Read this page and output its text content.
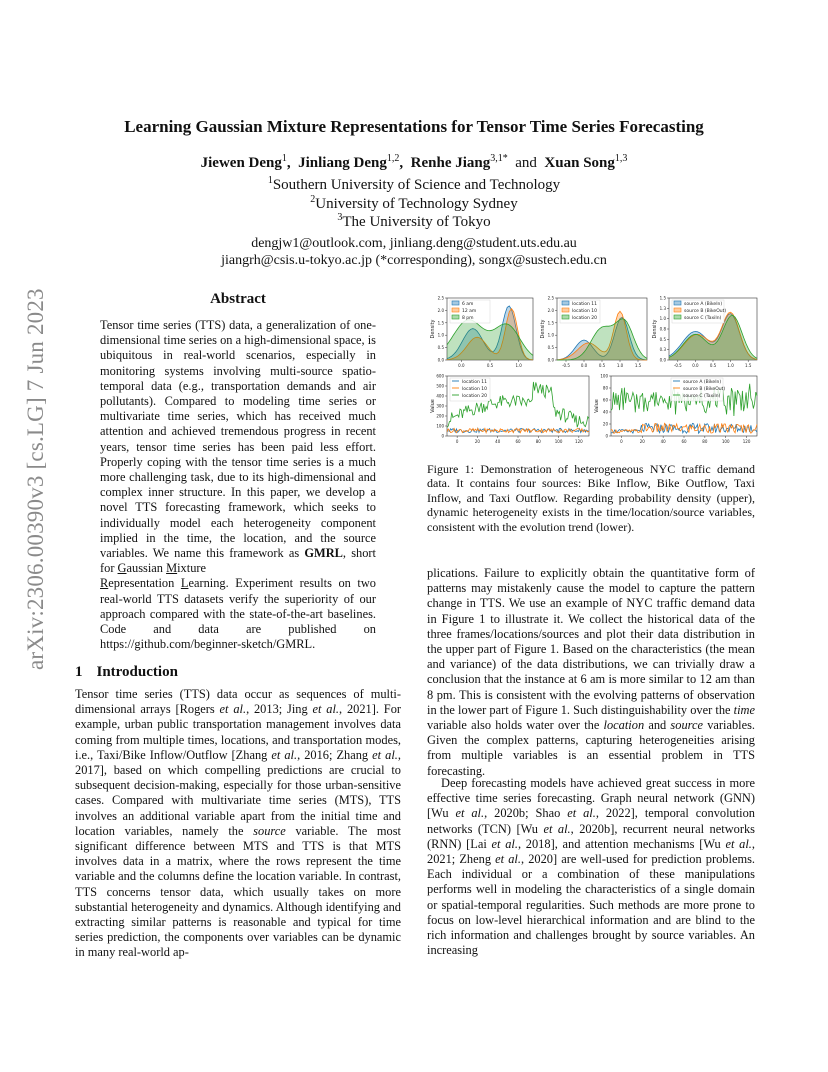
Learning Gaussian Mixture Representations for Tensor Time Series Forecasting
Jiewen Deng$^1$,  Jinliang Deng$^{1,2}$,  Renhe Jiang$^{3,1*}$ and Xuan Song$^{1,3}$
$^1$Southern University of Science and Technology
$^2$University of Technology Sydney
$^3$The University of Tokyo
dengjw1@outlook.com, jinliang.deng@student.uts.edu.au
jiangrh@csis.u-tokyo.ac.jp (*corresponding), songx@sustech.edu.cn
arXiv:2306.00390v3 [cs.LG] 7 Jun 2023	Abstract
Tensor time series (TTS) data, a generalization of one-dimensional time series on a high-dimensional space, is ubiquitous in real-world scenarios, especially in monitoring systems involving multi-source spatio-temporal data (e.g., transportation demands and air pollutants). Compared to modeling time series or multivariate time series, which has received much attention and achieved tremendous progress in recent years, tensor time series has been paid less effort. Properly coping with the tensor time series is a much more challenging task, due to its high-dimensional and complex inner structure. In this paper, we develop a novel TTS forecasting framework, which seeks to individually model each heterogeneity component implied in the time, the location, and the source variables. We name this framework as GMRL, short for Gaussian Mixture
Representation Learning. Experiment results on two real-world TTS datasets verify the superiority of our approach compared with the state-of-the-art baselines. Code and data are published on https://github.com/beginner-sketch/GMRL.
1 Introduction
Tensor time series (TTS) data occur as sequences of multi-dimensional arrays [Rogers et al., 2013; Jing et al., 2021]. For example, urban public transportation management involves data coming from multiple times, locations, and transportation modes, i.e., Taxi/Bike Inflow/Outflow [Zhang et al., 2016; Zhang et al., 2017], based on which compelling predictions are crucial to subsequent decision-making, especially for those urban-sensitive cases. Compared with multivariate time series (MTS), TTS involves an additional variable apart from the initial time and location variables, namely the source variable. The most significant difference between MTS and TTS is that MTS involves data in a matrix, where the rows represent the time variable and the columns define the location variable. In contrast, TTS concerns tensor data, which usually takes on more substantial heterogeneity and dynamics. Although identifying and extracting similar patterns is reasonable and typical for time series prediction, the components over variables can be dynamic in many real-world ap-
0.0
0.5
1.0
1.5
2.0
2.5
0.0	0.5	1.0
Density
6 am
12 am
8 pm
0.0
0.5
1.0
1.5
2.0
2.5
-0.5	0.0	0.5	1.0	1.5
Density
location 11
location 10
location 20
0.0
0.3
0.5
0.8
1.0
1.3
1.5
-0.5	0.0	0.5	1.0	1.5
Density
source A (BikeIn)
source B (BikeOut)
source C (TaxiIn)
0
100
200
300
400
500
600
0	20	40	60	80	100	120
Value
location 11
location 10
location 20
0
20
40
60
80
100
0	20	40	60	80	100	120
Value
source A (BikeIn)
source B (BikeOut)
source C (TaxiIn)
Figure 1: Demonstration of heterogeneous NYC traffic demand data. It contains four sources: Bike Inflow, Bike Outflow, Taxi Inflow, and Taxi Outflow. Regarding probability density (upper), dynamic heterogeneity exists in the time/location/source variables, consistent with the evolution trend (lower).
plications. Failure to explicitly obtain the quantitative form of patterns may mistakenly cause the model to capture the pattern change in TTS. We use an example of NYC traffic demand data in Figure 1 to illustrate it. We collect the historical data of the three frames/locations/sources and plot their data distribution in the upper part of Figure 1. Based on the characteristics (the mean and variance) of the data distributions, we can trivially draw a conclusion that the instance at 6 am is more similar to 12 am than 8 pm. This is consistent with the evolving patterns of observation in the lower part of Figure 1. Such distinguishability over the time variable also holds water over the location and source variables. Given the complex patterns, capturing heterogeneities arising from multiple variables is an essential problem in TTS forecasting.
Deep forecasting models have achieved great success in more effective time series forecasting. Graph neural network (GNN) [Wu et al., 2020b; Shao et al., 2022], temporal convolution networks (TCN) [Wu et al., 2020b], recurrent neural networks (RNN) [Lai et al., 2018], and attention mechanisms [Wu et al., 2021; Zheng et al., 2020] are well-used for prediction problems. Each individual or a combination of these manipulations performs well in modeling the characteristics of a single domain or spatial-temporal regularities. Such methods are more prone to focus on low-level hierarchical information and are blind to the rich information and challenges brought by source variables. An increasing
